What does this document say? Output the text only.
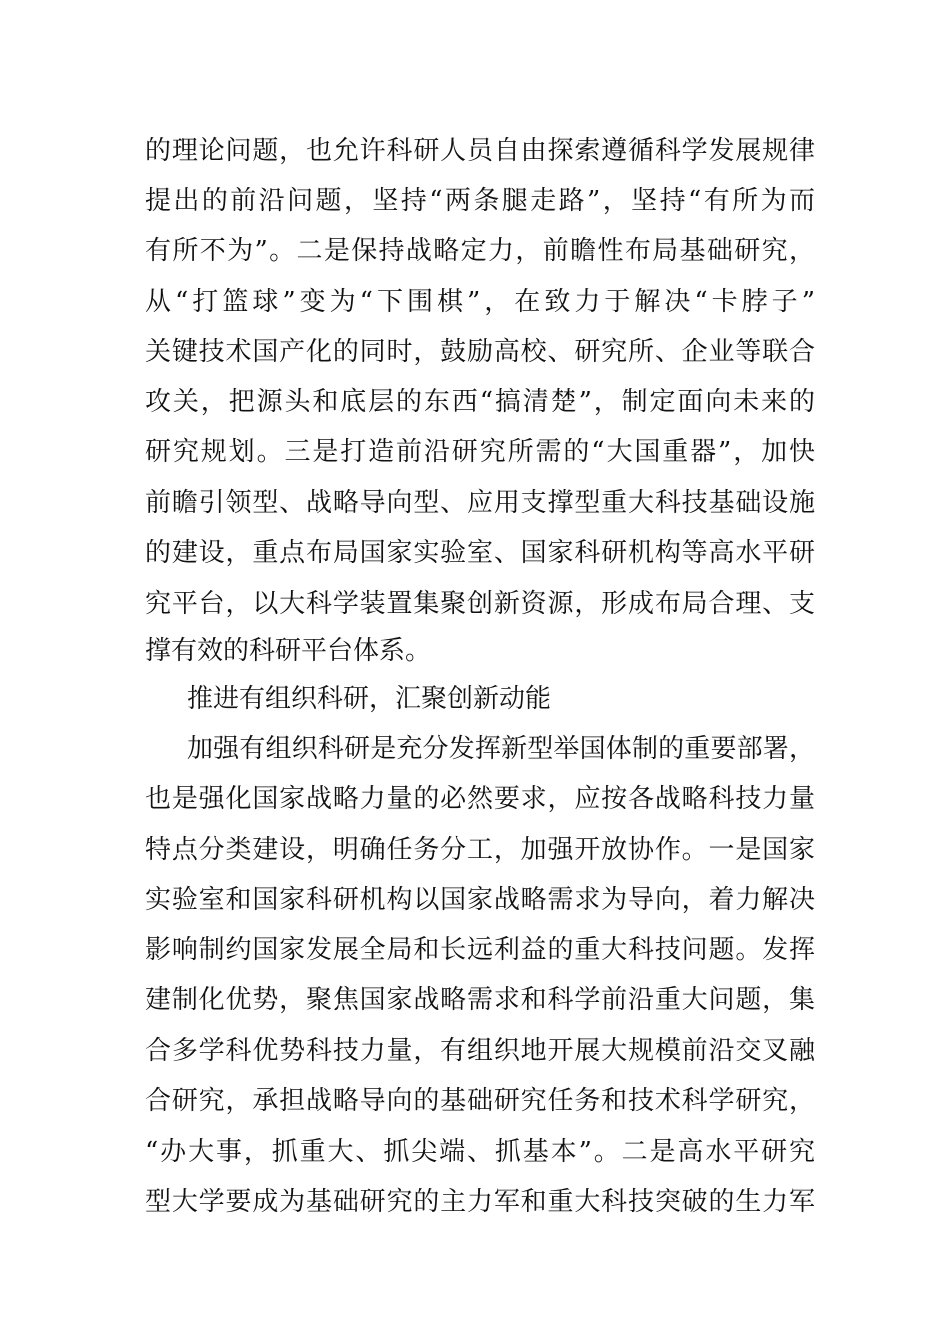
的理论问题，也允许科研人员自由探索遵循科学发展规律
提出的前沿问题，坚持“两条腿走路”，坚持“有所为而
有所不为”。二是保持战略定力，前瞻性布局基础研究，
从“打篮球”变为“下围棋”，在致力于解决“卡脖子”
关键技术国产化的同时，鼓励高校、研究所、企业等联合
攻关，把源头和底层的东西“搞清楚”，制定面向未来的
研究规划。三是打造前沿研究所需的“大国重器”，加快
前瞻引领型、战略导向型、应用支撑型重大科技基础设施
的建设，重点布局国家实验室、国家科研机构等高水平研
究平台，以大科学装置集聚创新资源，形成布局合理、支
撑有效的科研平台体系。
推进有组织科研，汇聚创新动能
加强有组织科研是充分发挥新型举国体制的重要部署，
也是强化国家战略力量的必然要求，应按各战略科技力量
特点分类建设，明确任务分工，加强开放协作。一是国家
实验室和国家科研机构以国家战略需求为导向，着力解决
影响制约国家发展全局和长远利益的重大科技问题。发挥
建制化优势，聚焦国家战略需求和科学前沿重大问题，集
合多学科优势科技力量，有组织地开展大规模前沿交叉融
合研究，承担战略导向的基础研究任务和技术科学研究，
“办大事，抓重大、抓尖端、抓基本”。二是高水平研究
型大学要成为基础研究的主力军和重大科技突破的生力军
